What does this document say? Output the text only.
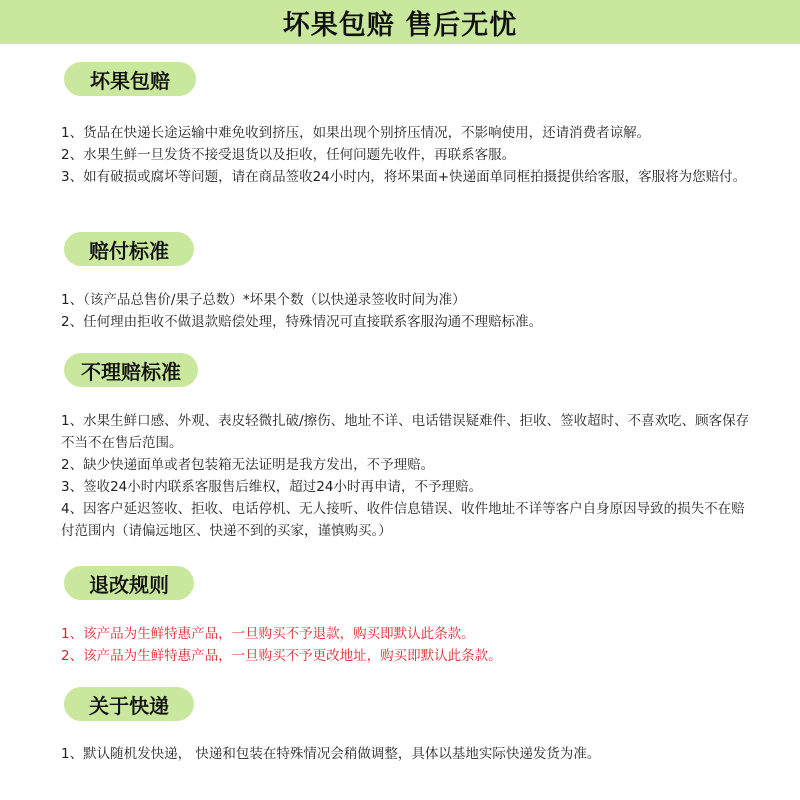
坏果包赔 售后无忧
坏果包赔

1、货品在快递长途运输中难免收到挤压，如果出现个别挤压情况，不影响使用，还请消费者谅解。

2、水果生鲜一旦发货不接受退货以及拒收，任何问题先收件，再联系客服。

3、如有破损或腐坏等问题，请在商品签收24小时内，将坏果面+快递面单同框拍摄提供给客服，客服将为您赔付。

赔付标准

1、（该产品总售价/果子总数）*坏果个数（以快递录签收时间为准）

2、任何理由拒收不做退款赔偿处理，特殊情况可直接联系客服沟通不理赔标准。

不理赔标准

1、水果生鲜口感、外观、表皮轻微扎破/擦伤、地址不详、电话错误疑难件、拒收、签收超时、不喜欢吃、顾客保存不当不在售后范围。

2、缺少快递面单或者包装箱无法证明是我方发出，不予理赔。

3、签收24小时内联系客服售后维权，超过24小时再申请，不予理赔。

4、因客户延迟签收、拒收、电话停机、无人接听、收件信息错误、收件地址不详等客户自身原因导致的损失不在赔付范围内（请偏远地区、快递不到的买家，谨慎购买。）

退改规则

1、该产品为生鲜特惠产品，一旦购买不予退款，购买即默认此条款。

2、该产品为生鲜特惠产品，一旦购买不予更改地址，购买即默认此条款。

关于快递

1、默认随机发快递， 快递和包装在特殊情况会稍做调整，具体以基地实际快递发货为准。
